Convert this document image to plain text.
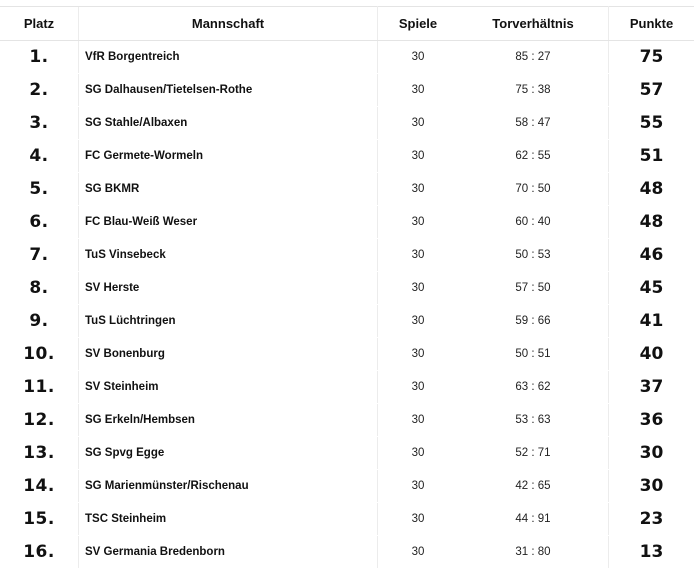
Platz	Mannschaft	Spiele	Torverhältnis	Punkte
1.	VfR Borgentreich	30	85 : 27	75
2.	SG Dalhausen/Tietelsen-Rothe	30	75 : 38	57
3.	SG Stahle/Albaxen	30	58 : 47	55
4.	FC Germete-Wormeln	30	62 : 55	51
5.	SG BKMR	30	70 : 50	48
6.	FC Blau-Weiß Weser	30	60 : 40	48
7.	TuS Vinsebeck	30	50 : 53	46
8.	SV Herste	30	57 : 50	45
9.	TuS Lüchtringen	30	59 : 66	41
10.	SV Bonenburg	30	50 : 51	40
11.	SV Steinheim	30	63 : 62	37
12.	SG Erkeln/Hembsen	30	53 : 63	36
13.	SG Spvg Egge	30	52 : 71	30
14.	SG Marienmünster/Rischenau	30	42 : 65	30
15.	TSC Steinheim	30	44 : 91	23
16.	SV Germania Bredenborn	30	31 : 80	13
